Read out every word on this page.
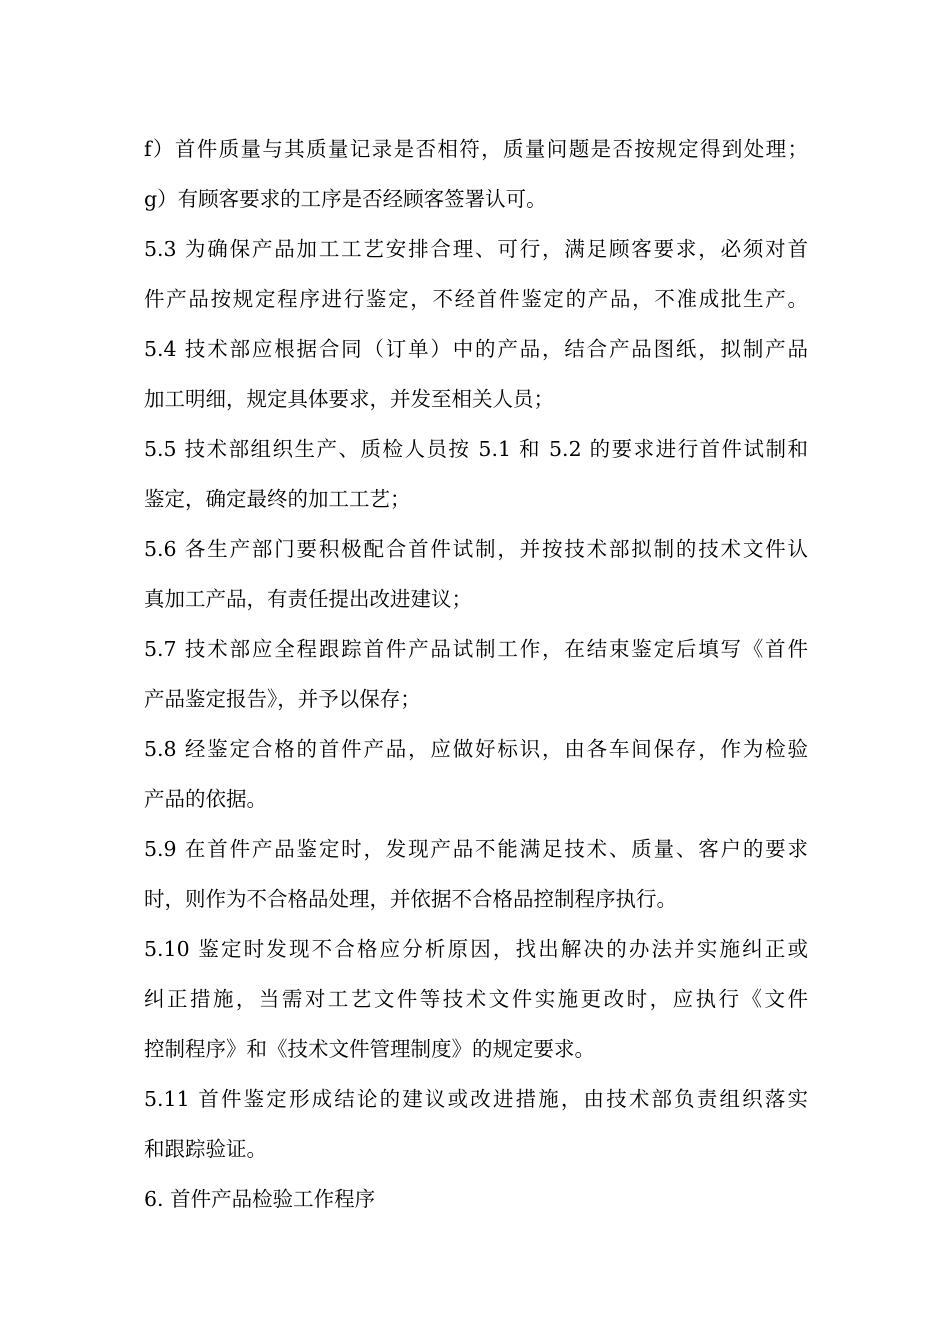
f）首件质量与其质量记录是否相符，质量问题是否按规定得到处理；
g）有顾客要求的工序是否经顾客签署认可。
5.3 为确保产品加工工艺安排合理、可行，满足顾客要求，必须对首
件产品按规定程序进行鉴定，不经首件鉴定的产品，不准成批生产。
5.4 技术部应根据合同（订单）中的产品，结合产品图纸，拟制产品
加工明细，规定具体要求，并发至相关人员；
5.5 技术部组织生产、质检人员按 5.1 和 5.2 的要求进行首件试制和
鉴定，确定最终的加工工艺；
5.6 各生产部门要积极配合首件试制，并按技术部拟制的技术文件认
真加工产品，有责任提出改进建议；
5.7 技术部应全程跟踪首件产品试制工作，在结束鉴定后填写《首件
产品鉴定报告》，并予以保存；
5.8 经鉴定合格的首件产品，应做好标识，由各车间保存，作为检验
产品的依据。
5.9 在首件产品鉴定时，发现产品不能满足技术、质量、客户的要求
时，则作为不合格品处理，并依据不合格品控制程序执行。
5.10 鉴定时发现不合格应分析原因，找出解决的办法并实施纠正或
纠正措施，当需对工艺文件等技术文件实施更改时，应执行《文件
控制程序》和《技术文件管理制度》的规定要求。
5.11 首件鉴定形成结论的建议或改进措施，由技术部负责组织落实
和跟踪验证。
6. 首件产品检验工作程序
